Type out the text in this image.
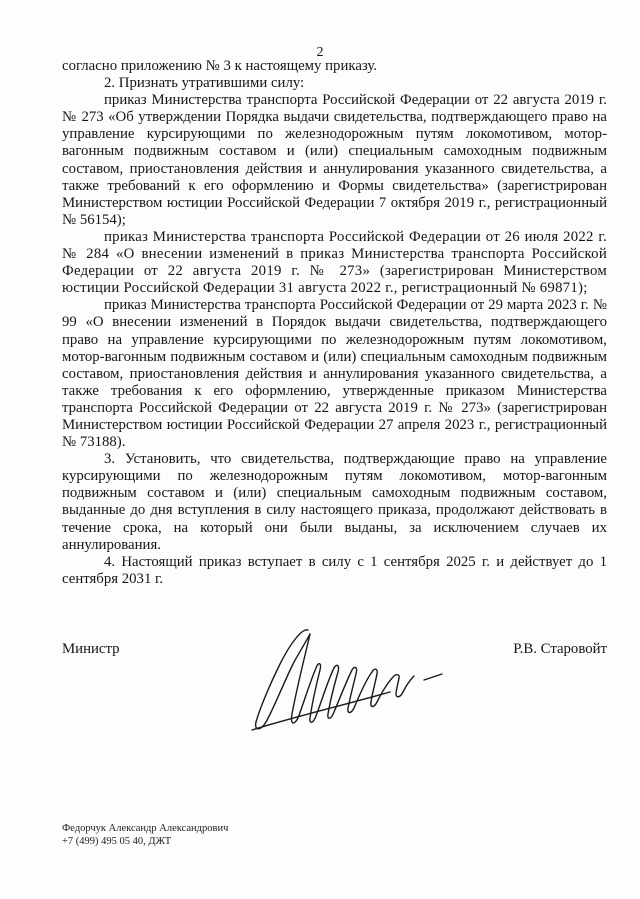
2

согласно приложению № 3 к настоящему приказу.

2. Признать утратившими силу:

приказ Министерства транспорта Российской Федерации от 22 августа 2019 г. № 273 «Об утверждении Порядка выдачи свидетельства, подтверждающего право на управление курсирующими по железнодорожным путям локомотивом, мотор-вагонным подвижным составом и (или) специальным самоходным подвижным составом, приостановления действия и аннулирования указанного свидетельства, а также требований к его оформлению и Формы свидетельства» (зарегистрирован Министерством юстиции Российской Федерации 7 октября 2019 г., регистрационный № 56154);

приказ Министерства транспорта Российской Федерации от 26 июля 2022 г. № 284 «О внесении изменений в приказ Министерства транспорта Российской Федерации от 22 августа 2019 г. № 273» (зарегистрирован Министерством юстиции Российской Федерации 31 августа 2022 г., регистрационный № 69871);

приказ Министерства транспорта Российской Федерации от 29 марта 2023 г. № 99 «О внесении изменений в Порядок выдачи свидетельства, подтверждающего право на управление курсирующими по железнодорожным путям локомотивом, мотор-вагонным подвижным составом и (или) специальным самоходным подвижным составом, приостановления действия и аннулирования указанного свидетельства, а также требования к его оформлению, утвержденные приказом Министерства транспорта Российской Федерации от 22 августа 2019 г. № 273» (зарегистрирован Министерством юстиции Российской Федерации 27 апреля 2023 г., регистрационный № 73188).

3. Установить, что свидетельства, подтверждающие право на управление курсирующими по железнодорожным путям локомотивом, мотор-вагонным подвижным составом и (или) специальным самоходным подвижным составом, выданные до дня вступления в силу настоящего приказа, продолжают действовать в течение срока, на который они были выданы, за исключением случаев их аннулирования.

4. Настоящий приказ вступает в силу с 1 сентября 2025 г. и действует до 1 сентября 2031 г.

Министр	Р.В. Старовойт
Федорчук Александр Александрович
+7 (499) 495 05 40, ДЖТ
